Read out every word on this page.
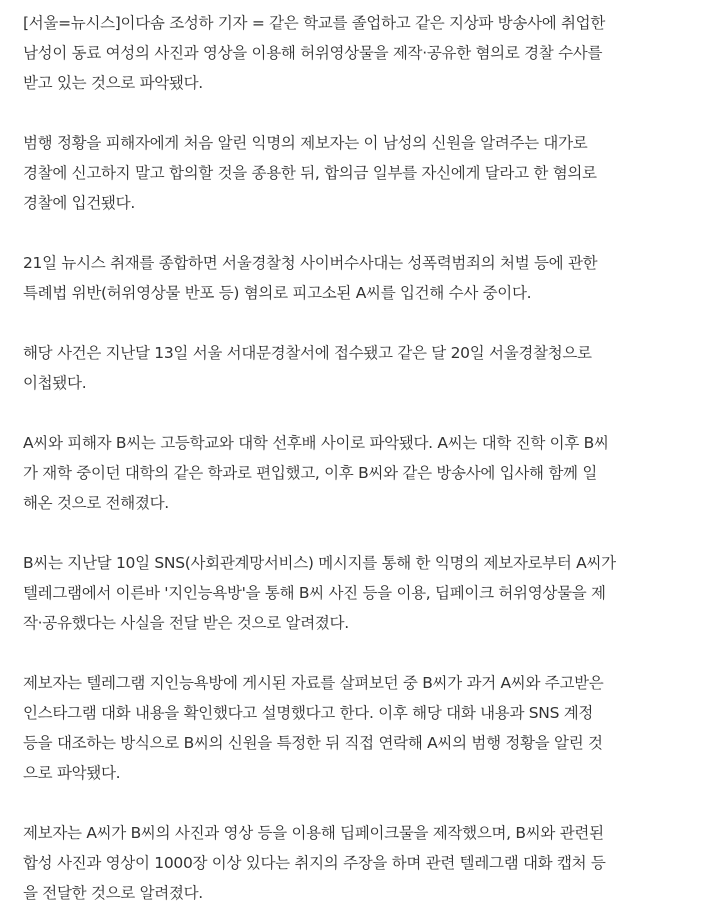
[서울=뉴시스]이다솜 조성하 기자 = 같은 학교를 졸업하고 같은 지상파 방송사에 취업한
남성이 동료 여성의 사진과 영상을 이용해 허위영상물을 제작·공유한 혐의로 경찰 수사를
받고 있는 것으로 파악됐다.

범행 정황을 피해자에게 처음 알린 익명의 제보자는 이 남성의 신원을 알려주는 대가로
경찰에 신고하지 말고 합의할 것을 종용한 뒤, 합의금 일부를 자신에게 달라고 한 혐의로
경찰에 입건됐다.

21일 뉴시스 취재를 종합하면 서울경찰청 사이버수사대는 성폭력범죄의 처벌 등에 관한
특례법 위반(허위영상물 반포 등) 혐의로 피고소된 A씨를 입건해 수사 중이다.

해당 사건은 지난달 13일 서울 서대문경찰서에 접수됐고 같은 달 20일 서울경찰청으로
이첩됐다.

A씨와 피해자 B씨는 고등학교와 대학 선후배 사이로 파악됐다. A씨는 대학 진학 이후 B씨
가 재학 중이던 대학의 같은 학과로 편입했고, 이후 B씨와 같은 방송사에 입사해 함께 일
해온 것으로 전해졌다.

B씨는 지난달 10일 SNS(사회관계망서비스) 메시지를 통해 한 익명의 제보자로부터 A씨가
텔레그램에서 이른바 '지인능욕방'을 통해 B씨 사진 등을 이용, 딥페이크 허위영상물을 제
작·공유했다는 사실을 전달 받은 것으로 알려졌다.

제보자는 텔레그램 지인능욕방에 게시된 자료를 살펴보던 중 B씨가 과거 A씨와 주고받은
인스타그램 대화 내용을 확인했다고 설명했다고 한다. 이후 해당 대화 내용과 SNS 계정
등을 대조하는 방식으로 B씨의 신원을 특정한 뒤 직접 연락해 A씨의 범행 정황을 알린 것
으로 파악됐다.

제보자는 A씨가 B씨의 사진과 영상 등을 이용해 딥페이크물을 제작했으며, B씨와 관련된
합성 사진과 영상이 1000장 이상 있다는 취지의 주장을 하며 관련 텔레그램 대화 캡처 등
을 전달한 것으로 알려졌다.
